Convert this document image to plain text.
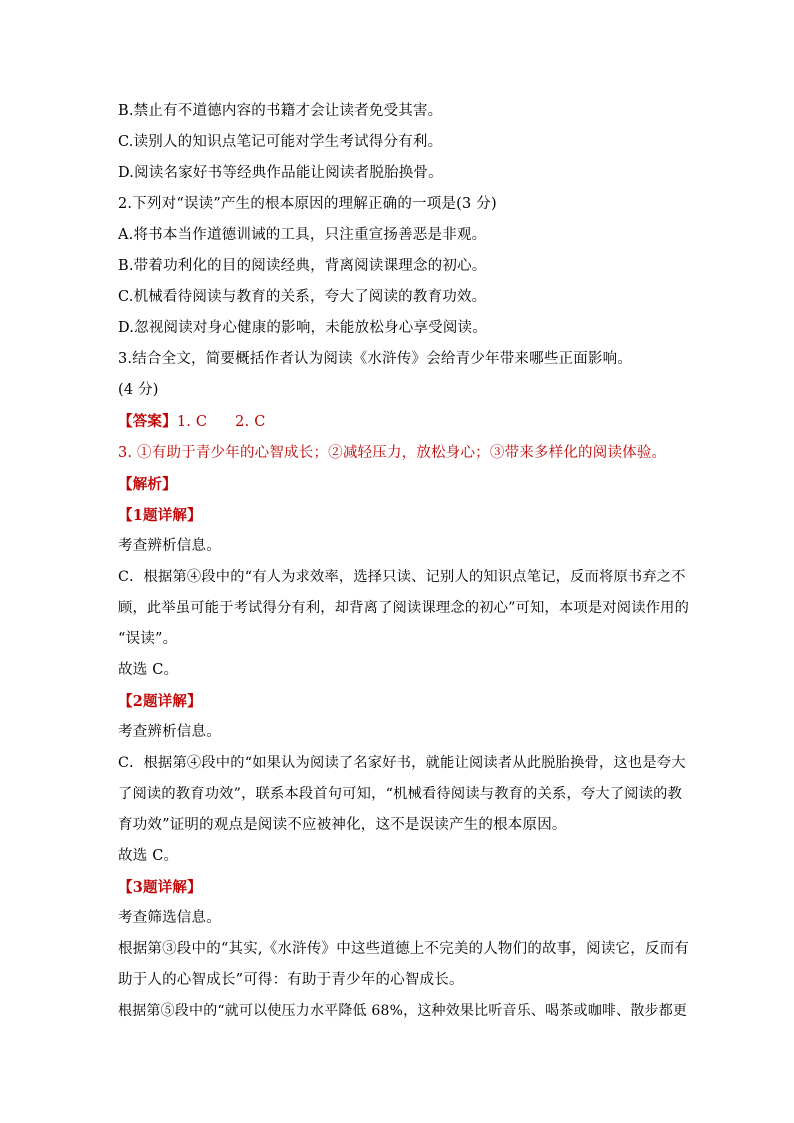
B.禁止有不道德内容的书籍才会让读者免受其害。
C.读别人的知识点笔记可能对学生考试得分有利。
D.阅读名家好书等经典作品能让阅读者脱胎换骨。
2.下列对“误读”产生的根本原因的理解正确的一项是(3 分)
A.将书本当作道德训诫的工具，只注重宣扬善恶是非观。
B.带着功利化的目的阅读经典，背离阅读课理念的初心。
C.机械看待阅读与教育的关系，夸大了阅读的教育功效。
D.忽视阅读对身心健康的影响，未能放松身心享受阅读。
3.结合全文，简要概括作者认为阅读《水浒传》会给青少年带来哪些正面影响。
(4 分)
【答案】1. C 2. C
3. ①有助于青少年的心智成长；②减轻压力，放松身心；③带来多样化的阅读体验。
【解析】
【1题详解】
考查辨析信息。
C．根据第④段中的“有人为求效率，选择只读、记别人的知识点笔记，反而将原书弃之不
顾，此举虽可能于考试得分有利，却背离了阅读课理念的初心”可知，本项是对阅读作用的
“误读”。
故选 C。
【2题详解】
考查辨析信息。
C．根据第④段中的“如果认为阅读了名家好书，就能让阅读者从此脱胎换骨，这也是夸大
了阅读的教育功效”，联系本段首句可知，“机械看待阅读与教育的关系，夸大了阅读的教
育功效”证明的观点是阅读不应被神化，这不是误读产生的根本原因。
故选 C。
【3题详解】
考查筛选信息。
根据第③段中的“其实,《水浒传》中这些道德上不完美的人物们的故事，阅读它，反而有
助于人的心智成长”可得：有助于青少年的心智成长。
根据第⑤段中的“就可以使压力水平降低 68%，这种效果比听音乐、喝茶或咖啡、散步都更
